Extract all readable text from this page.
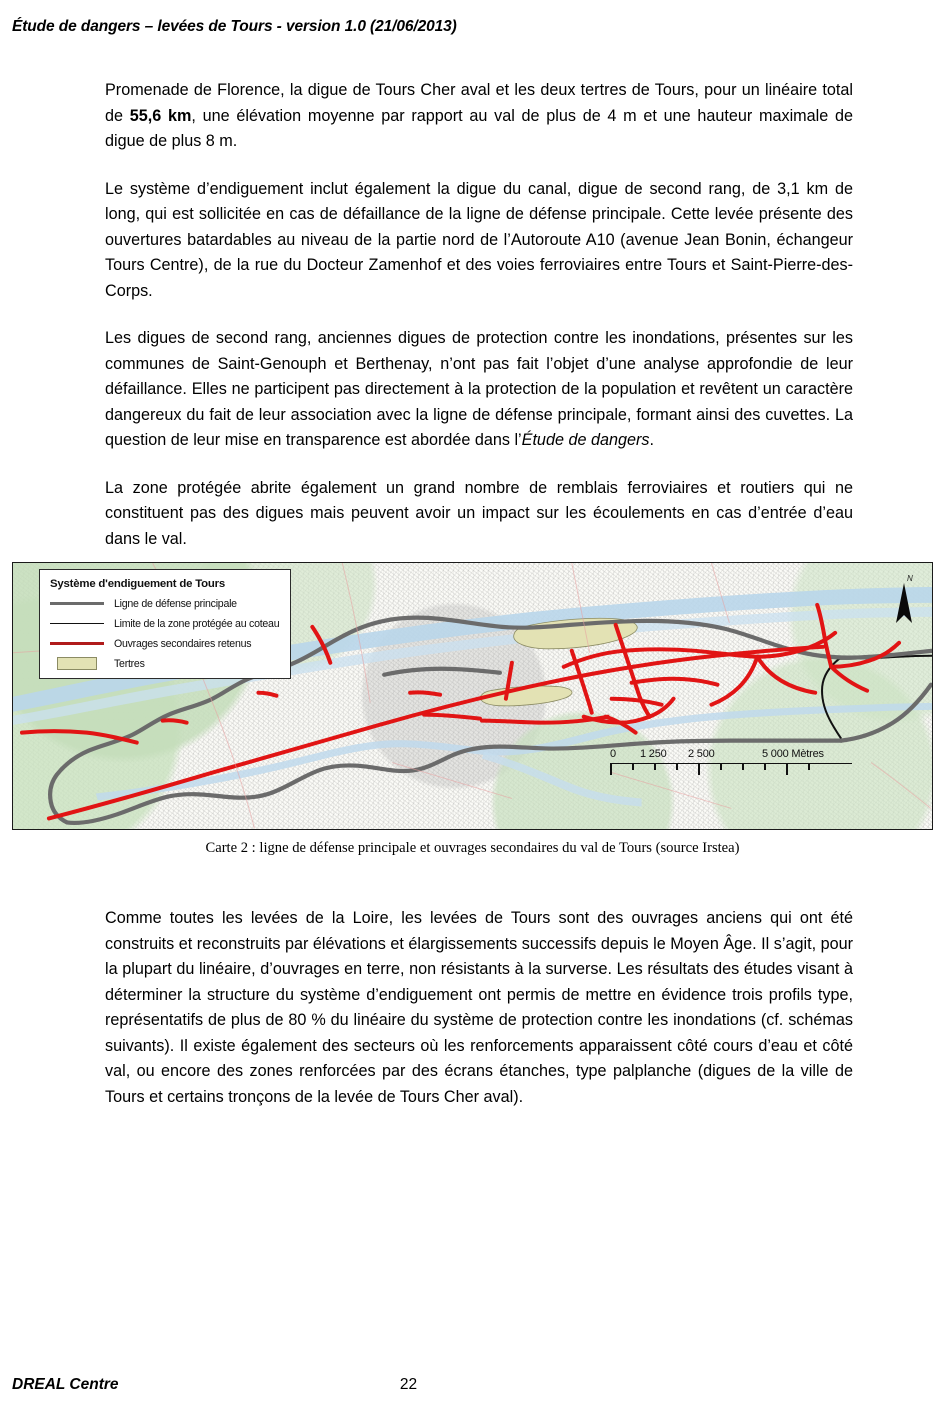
Étude de dangers – levées de Tours - version 1.0 (21/06/2013)

Promenade de Florence, la digue de Tours Cher aval et les deux tertres de Tours, pour un linéaire total de 55,6 km, une élévation moyenne par rapport au val de plus de 4 m et une hauteur maximale de digue de plus 8 m.

Le système d’endiguement inclut également la digue du canal, digue de second rang, de 3,1 km de long, qui est sollicitée en cas de défaillance de la ligne de défense principale. Cette levée présente des ouvertures batardables au niveau de la partie nord de l’Autoroute A10 (avenue Jean Bonin, échangeur Tours Centre), de la rue du Docteur Zamenhof et des voies ferroviaires entre Tours et Saint-Pierre-des-Corps.

Les digues de second rang, anciennes digues de protection contre les inondations, présentes sur les communes de Saint-Genouph et Berthenay, n’ont pas fait l’objet d’une analyse approfondie de leur défaillance. Elles ne participent pas directement à la protection de la population et revêtent un caractère dangereux du fait de leur association avec la ligne de défense principale, formant ainsi des cuvettes. La question de leur mise en transparence est abordée dans l’Étude de dangers.

La zone protégée abrite également un grand nombre de remblais ferroviaires et routiers qui ne constituent pas des digues mais peuvent avoir un impact sur les écoulements en cas d’entrée d’eau dans le val.

Système d'endiguement de Tours
Ligne de défense principale
Limite de la zone protégée au coteau
Ouvrages secondaires retenus
Tertres
N
0 1 250 2 500	5 000 Mètres
Carte 2 : ligne de défense principale et ouvrages secondaires du val de Tours (source Irstea)

Comme toutes les levées de la Loire, les levées de Tours sont des ouvrages anciens qui ont été construits et reconstruits par élévations et élargissements successifs depuis le Moyen Âge. Il s’agit, pour la plupart du linéaire, d’ouvrages en terre, non résistants à la surverse. Les résultats des études visant à déterminer la structure du système d’endiguement ont permis de mettre en évidence trois profils type, représentatifs de plus de 80 % du linéaire du système de protection contre les inondations (cf. schémas suivants). Il existe également des secteurs où les renforcements apparaissent côté cours d’eau et côté val, ou encore des zones renforcées par des écrans étanches, type palplanche (digues de la ville de Tours et certains tronçons de la levée de Tours Cher aval).

DREAL Centre	22
